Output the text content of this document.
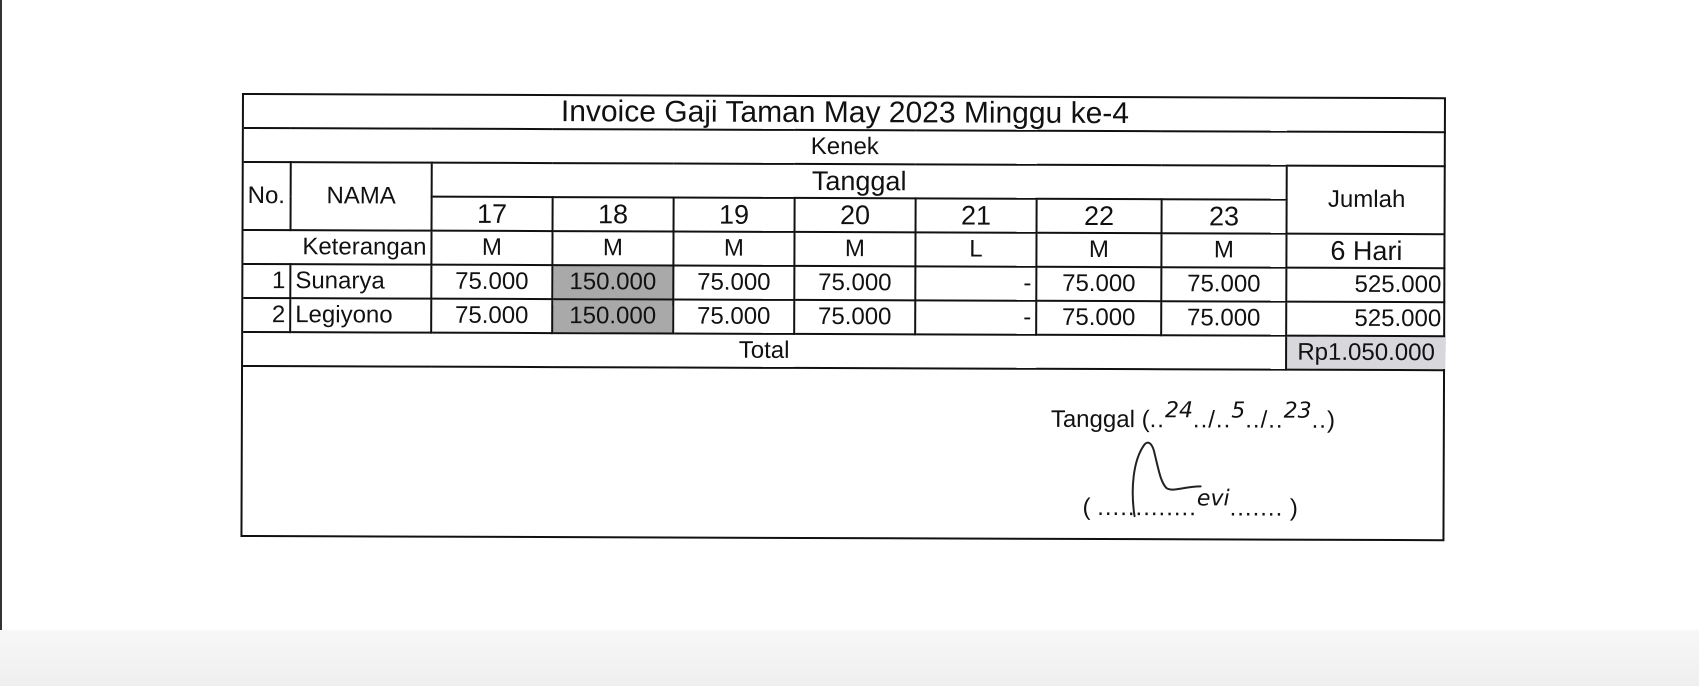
Invoice Gaji Taman May 2023 Minggu ke-4									
Kenek									
No.	NAMA	Tanggal							Jumlah
		17	18	19	20	21	22	23	
Keterangan		M	M	M	M	L	M	M	6 Hari
1	Sunarya	75.000	150.000	75.000	75.000	-	75.000	75.000	525.000
2	Legiyono	75.000	150.000	75.000	75.000	-	75.000	75.000	525.000
Total									Rp1.050.000
Tanggal (..24../..5../..23..)
( .............evi....... )
